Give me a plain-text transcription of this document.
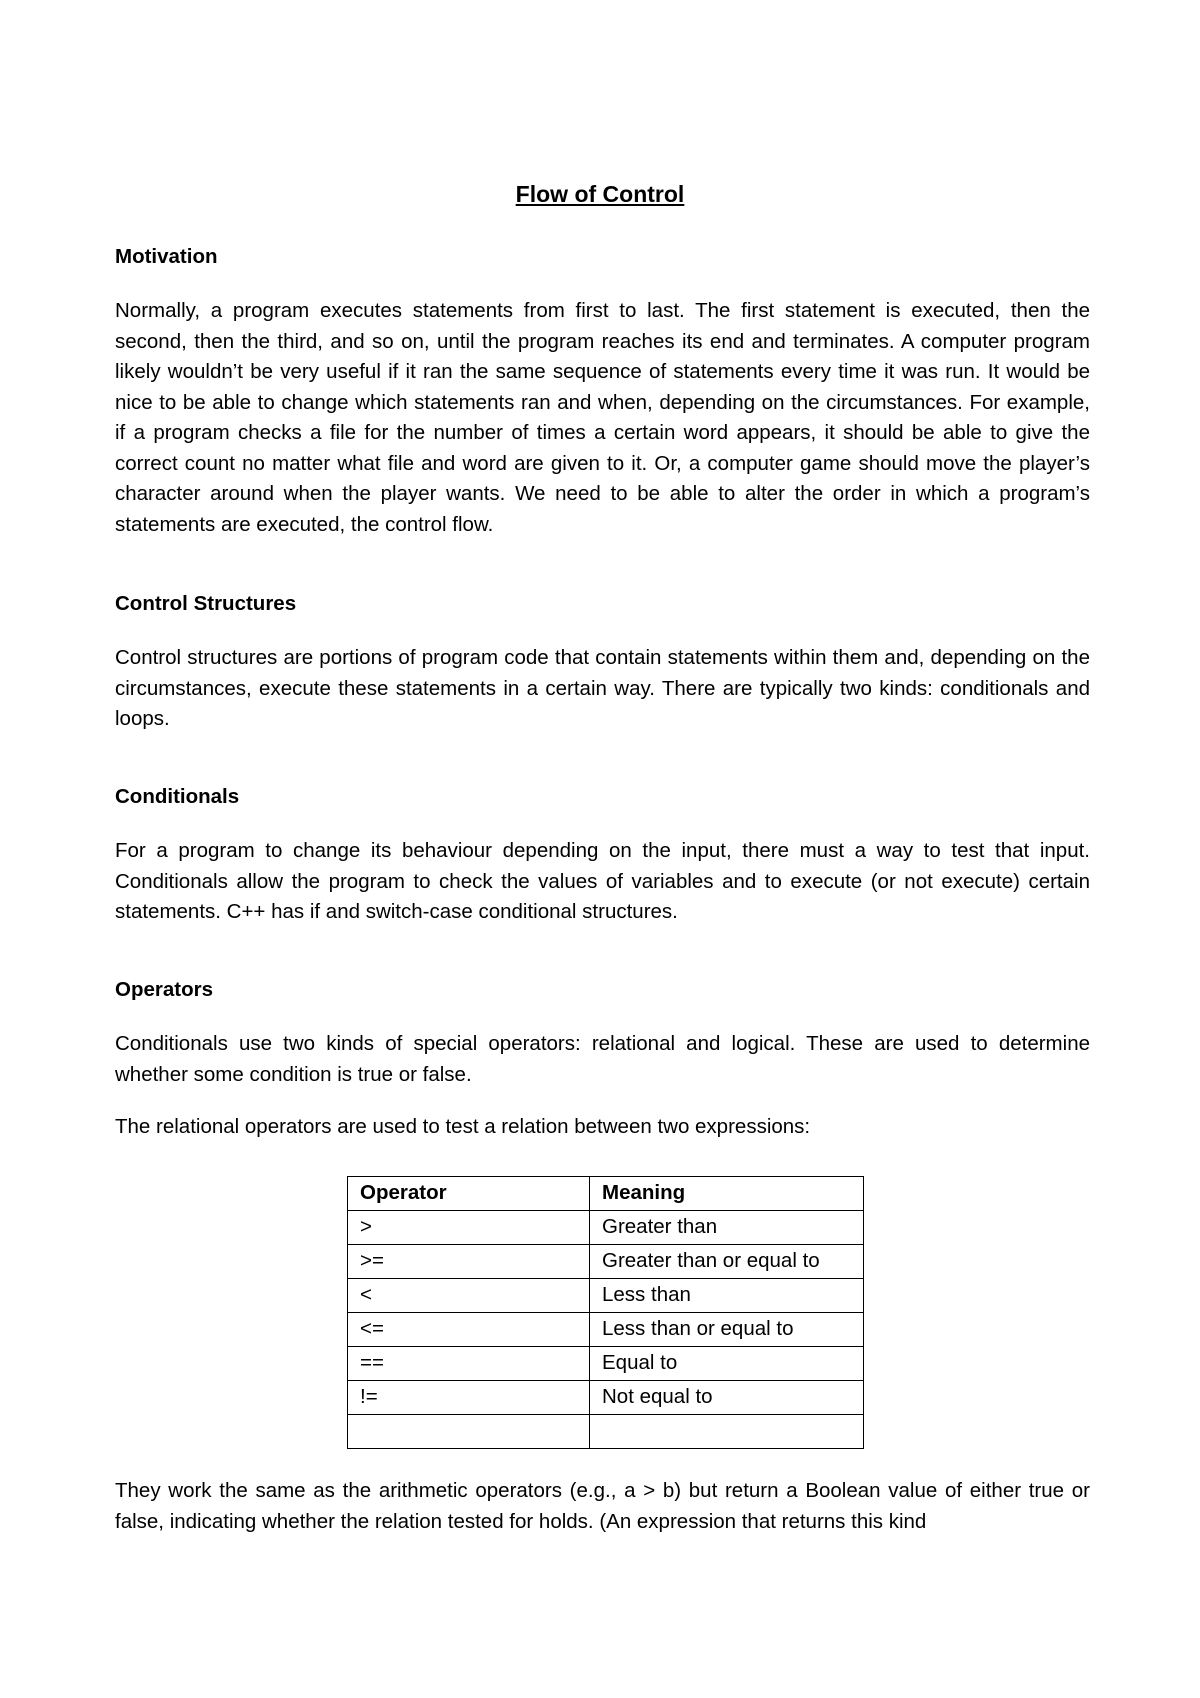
Flow of Control
Motivation

Normally, a program executes statements from first to last. The first statement is executed, then the second, then the third, and so on, until the program reaches its end and terminates. A computer program likely wouldn’t be very useful if it ran the same sequence of statements every time it was run. It would be nice to be able to change which statements ran and when, depending on the circumstances. For example, if a program checks a file for the number of times a certain word appears, it should be able to give the correct count no matter what file and word are given to it. Or, a computer game should move the player’s character around when the player wants. We need to be able to alter the order in which a program’s statements are executed, the control flow.

Control Structures

Control structures are portions of program code that contain statements within them and, depending on the circumstances, execute these statements in a certain way. There are typically two kinds: conditionals and loops.

Conditionals

For a program to change its behaviour depending on the input, there must a way to test that input. Conditionals allow the program to check the values of variables and to execute (or not execute) certain statements. C++ has if and switch-case conditional structures.

Operators

Conditionals use two kinds of special operators: relational and logical. These are used to determine whether some condition is true or false.

The relational operators are used to test a relation between two expressions:

Operator	Meaning
>	Greater than
>=	Greater than or equal to
<	Less than
<=	Less than or equal to
==	Equal to
!=	Not equal to

They work the same as the arithmetic operators (e.g., a > b) but return a Boolean value of either true or false, indicating whether the relation tested for holds. (An expression that returns this kind
